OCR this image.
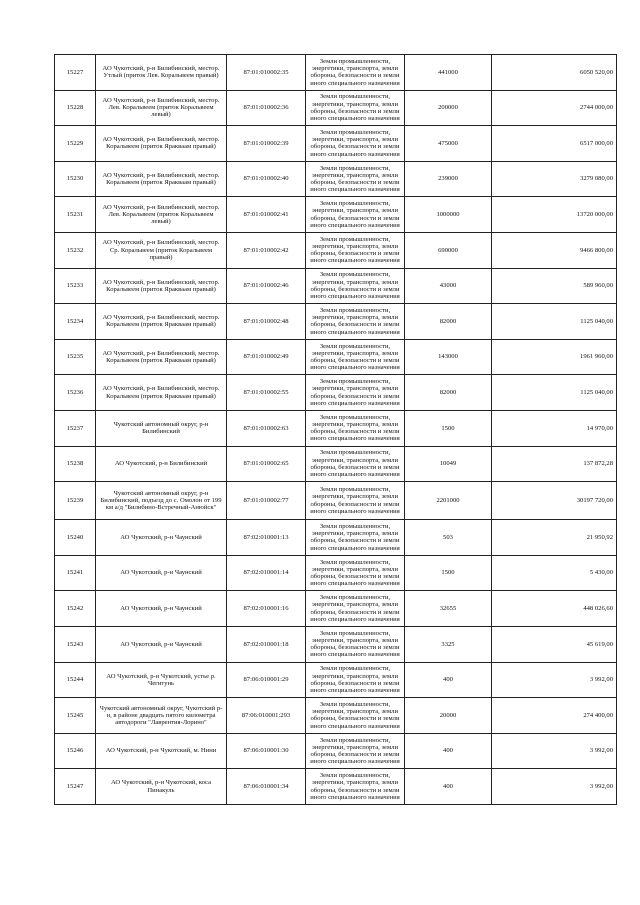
15227	АО Чукотский, р-н Билибинский, местор. Утлый (приток Лев. Коральвеем правый)	87:01:010002:35	Земли промышленности, энергетики, транспорта, земли обороны, безопасности и земли иного специального назначения	441000	6050 520,00
15228	АО Чукотский, р-н Билибинский, местор. Лев. Коральвеем (приток Коральвеем левый)	87:01:010002:36	Земли промышленности, энергетики, транспорта, земли обороны, безопасности и земли иного специального назначения	200000	2744 000,00
15229	АО Чукотский, р-н Билибинский, местор. Коральвеем (приток Яракваам правый)	87:01:010002:39	Земли промышленности, энергетики, транспорта, земли обороны, безопасности и земли иного специального назначения	475000	6517 000,00
15230	АО Чукотский, р-н Билибинский, местор. Коральвеем (приток Яракваам правый)	87:01:010002:40	Земли промышленности, энергетики, транспорта, земли обороны, безопасности и земли иного специального назначения	239000	3279 080,00
15231	АО Чукотский, р-н Билибинский, местор. Лев. Коральвеем (приток Коральвеем левый)	87:01:010002:41	Земли промышленности, энергетики, транспорта, земли обороны, безопасности и земли иного специального назначения	1000000	13720 000,00
15232	АО Чукотский, р-н Билибинский, местор. Ср. Коральвеем (приток Коральвеем правый)	87:01:010002:42	Земли промышленности, энергетики, транспорта, земли обороны, безопасности и земли иного специального назначения	690000	9466 800,00
15233	АО Чукотский, р-н Билибинский, местор. Коральвеем (приток Яракваам правый)	87:01:010002:46	Земли промышленности, энергетики, транспорта, земли обороны, безопасности и земли иного специального назначения	43000	589 960,00
15234	АО Чукотский, р-н Билибинский, местор. Коральвеем (приток Яракваам правый)	87:01:010002:48	Земли промышленности, энергетики, транспорта, земли обороны, безопасности и земли иного специального назначения	82000	1125 040,00
15235	АО Чукотский, р-н Билибинский, местор. Коральвеем (приток Яракваам правый)	87:01:010002:49	Земли промышленности, энергетики, транспорта, земли обороны, безопасности и земли иного специального назначения	143000	1961 960,00
15236	АО Чукотский, р-н Билибинский, местор. Коральвеем (приток Яракваам правый)	87:01:010002:55	Земли промышленности, энергетики, транспорта, земли обороны, безопасности и земли иного специального назначения	82000	1125 040,00
15237	Чукотский автономный округ, р-н Билибинский	87:01:010002:63	Земли промышленности, энергетики, транспорта, земли обороны, безопасности и земли иного специального назначения	1500	14 970,00
15238	АО Чукотский, р-н Билибинский	87:01:010002:65	Земли промышленности, энергетики, транспорта, земли обороны, безопасности и земли иного специального назначения	10049	137 872,28
15239	Чукотский автономный округ, р-н Билибинский, подъезд до с. Омолон от 199 км а/д "Билибино-Встречный-Анюйск"	87:01:010002:77	Земли промышленности, энергетики, транспорта, земли обороны, безопасности и земли иного специального назначения	2201000	30197 720,00
15240	АО Чукотский, р-н Чаунский	87:02:010001:13	Земли промышленности, энергетики, транспорта, земли обороны, безопасности и земли иного специального назначения	503	21 950,92
15241	АО Чукотский, р-н Чаунский	87:02:010001:14	Земли промышленности, энергетики, транспорта, земли обороны, безопасности и земли иного специального назначения	1500	5 430,00
15242	АО Чукотский, р-н Чаунский	87:02:010001:16	Земли промышленности, энергетики, транспорта, земли обороны, безопасности и земли иного специального назначения	32655	448 026,60
15243	АО Чукотский, р-н Чаунский	87:02:010001:18	Земли промышленности, энергетики, транспорта, земли обороны, безопасности и земли иного специального назначения	3325	45 619,00
15244	АО Чукотский, р-н Чукотский, устье р. Чегитунь	87:06:010001:29	Земли промышленности, энергетики, транспорта, земли обороны, безопасности и земли иного специального назначения	400	3 992,00
15245	Чукотский автономный округ, Чукотский р-н, в районе двадцать пятого километра автодороги "Лаврентия-Лорино"	87:06:010001:293	Земли промышленности, энергетики, транспорта, земли обороны, безопасности и земли иного специального назначения	20000	274 400,00
15246	АО Чукотский, р-н Чукотский, м. Нини	87:06:010001:30	Земли промышленности, энергетики, транспорта, земли обороны, безопасности и земли иного специального назначения	400	3 992,00
15247	АО Чукотский, р-н Чукотский, коса Пинакуль	87:06:010001:34	Земли промышленности, энергетики, транспорта, земли обороны, безопасности и земли иного специального назначения	400	3 992,00
